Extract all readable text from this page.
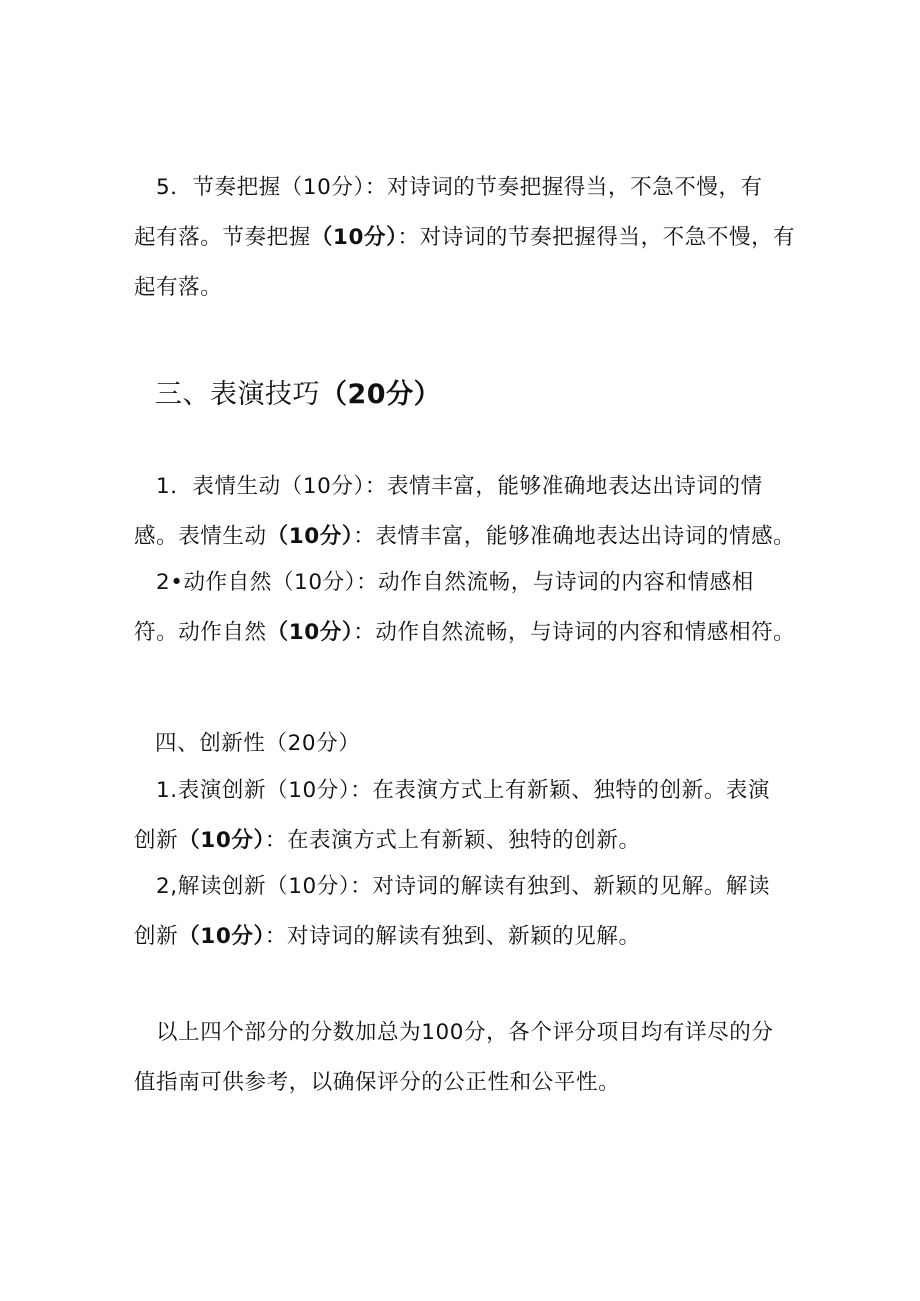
5．节奏把握（10分）：对诗词的节奏把握得当，不急不慢，有
起有落。节奏把握（10分）：对诗词的节奏把握得当，不急不慢，有
起有落。

三、表演技巧（20分）

1．表情生动（10分）：表情丰富，能够准确地表达出诗词的情
感。表情生动（10分）：表情丰富，能够准确地表达出诗词的情感。

2•动作自然（10分）：动作自然流畅，与诗词的内容和情感相
符。动作自然（10分）：动作自然流畅，与诗词的内容和情感相符。

四、创新性（20分）

1.表演创新（10分）：在表演方式上有新颖、独特的创新。表演
创新（10分）：在表演方式上有新颖、独特的创新。

2,解读创新（10分）：对诗词的解读有独到、新颖的见解。解读
创新（10分）：对诗词的解读有独到、新颖的见解。

以上四个部分的分数加总为100分，各个评分项目均有详尽的分
值指南可供参考，以确保评分的公正性和公平性。
